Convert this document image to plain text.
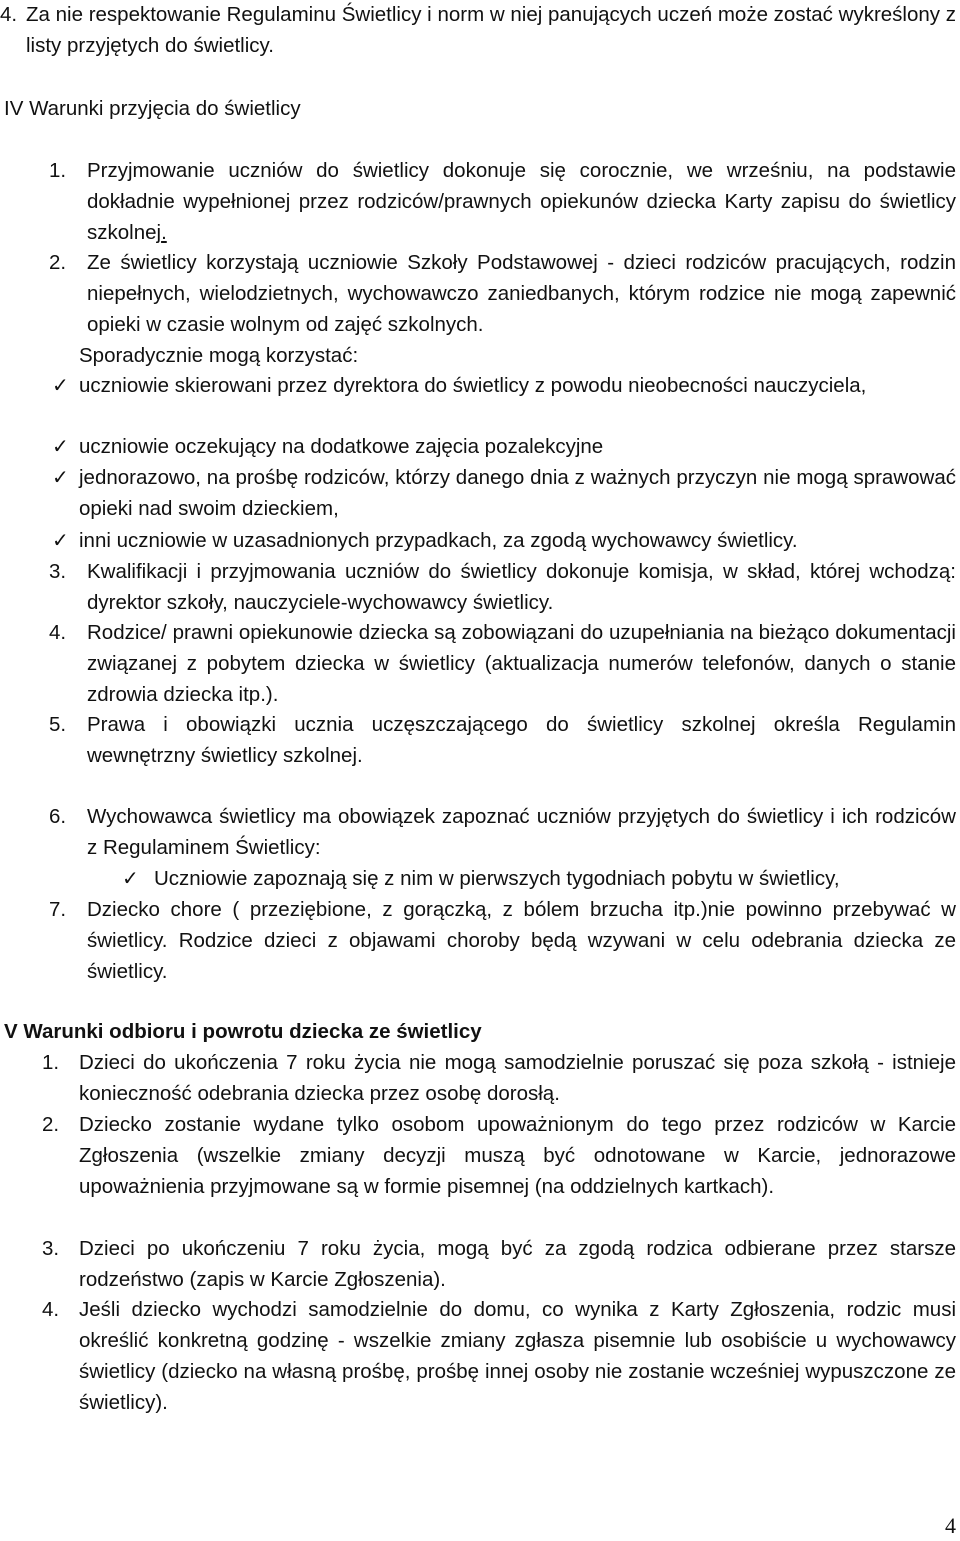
4. Za nie respektowanie Regulaminu Świetlicy i norm w niej panujących uczeń może zostać wykreślony z listy przyjętych do świetlicy.
IV Warunki przyjęcia do świetlicy
1.	Przyjmowanie uczniów do świetlicy dokonuje się corocznie, we wrześniu, na podstawie dokładnie wypełnionej przez rodziców/prawnych opiekunów dziecka Karty zapisu do świetlicy szkolnej.
2.	Ze świetlicy korzystają uczniowie Szkoły Podstawowej - dzieci rodziców pracujących, rodzin niepełnych, wielodzietnych, wychowawczo zaniedbanych, którym rodzice nie mogą zapewnić opieki w czasie wolnym od zajęć szkolnych.
Sporadycznie mogą korzystać:
✓ uczniowie skierowani przez dyrektora do świetlicy z powodu nieobecności nauczyciela,
✓ uczniowie oczekujący na dodatkowe zajęcia pozalekcyjne
✓ jednorazowo, na prośbę rodziców, którzy danego dnia z ważnych przyczyn nie mogą sprawować opieki nad swoim dzieckiem,
✓ inni uczniowie w uzasadnionych przypadkach, za zgodą wychowawcy świetlicy.
3.	Kwalifikacji i przyjmowania uczniów do świetlicy dokonuje komisja, w skład, której wchodzą: dyrektor szkoły, nauczyciele-wychowawcy świetlicy.
4.	Rodzice/ prawni opiekunowie dziecka są zobowiązani do uzupełniania na bieżąco dokumentacji związanej z pobytem dziecka w świetlicy (aktualizacja numerów telefonów, danych o stanie zdrowia dziecka itp.).
5.	Prawa i obowiązki ucznia uczęszczającego do świetlicy szkolnej określa Regulamin wewnętrzny świetlicy szkolnej.
6.	Wychowawca świetlicy ma obowiązek zapoznać uczniów przyjętych do świetlicy i ich rodziców z Regulaminem Świetlicy:
✓ Uczniowie zapoznają się z nim w pierwszych tygodniach pobytu w świetlicy,
7.	Dziecko chore ( przeziębione, z gorączką, z bólem brzucha itp.)nie powinno przebywać w świetlicy. Rodzice dzieci z objawami choroby będą wzywani w celu odebrania dziecka ze świetlicy.
V Warunki odbioru i powrotu dziecka ze świetlicy
1. Dzieci do ukończenia 7 roku życia nie mogą samodzielnie poruszać się poza szkołą - istnieje konieczność odebrania dziecka przez osobę dorosłą.
2. Dziecko zostanie wydane tylko osobom upoważnionym do tego przez rodziców w Karcie Zgłoszenia (wszelkie zmiany decyzji muszą być odnotowane w Karcie, jednorazowe upoważnienia przyjmowane są w formie pisemnej (na oddzielnych kartkach).
3. Dzieci po ukończeniu 7 roku życia, mogą być za zgodą rodzica odbierane przez starsze rodzeństwo (zapis w Karcie Zgłoszenia).
4. Jeśli dziecko wychodzi samodzielnie do domu, co wynika z Karty Zgłoszenia, rodzic musi określić konkretną godzinę - wszelkie zmiany zgłasza pisemnie lub osobiście u wychowawcy świetlicy (dziecko na własną prośbę, prośbę innej osoby nie zostanie wcześniej wypuszczone ze świetlicy).
4
